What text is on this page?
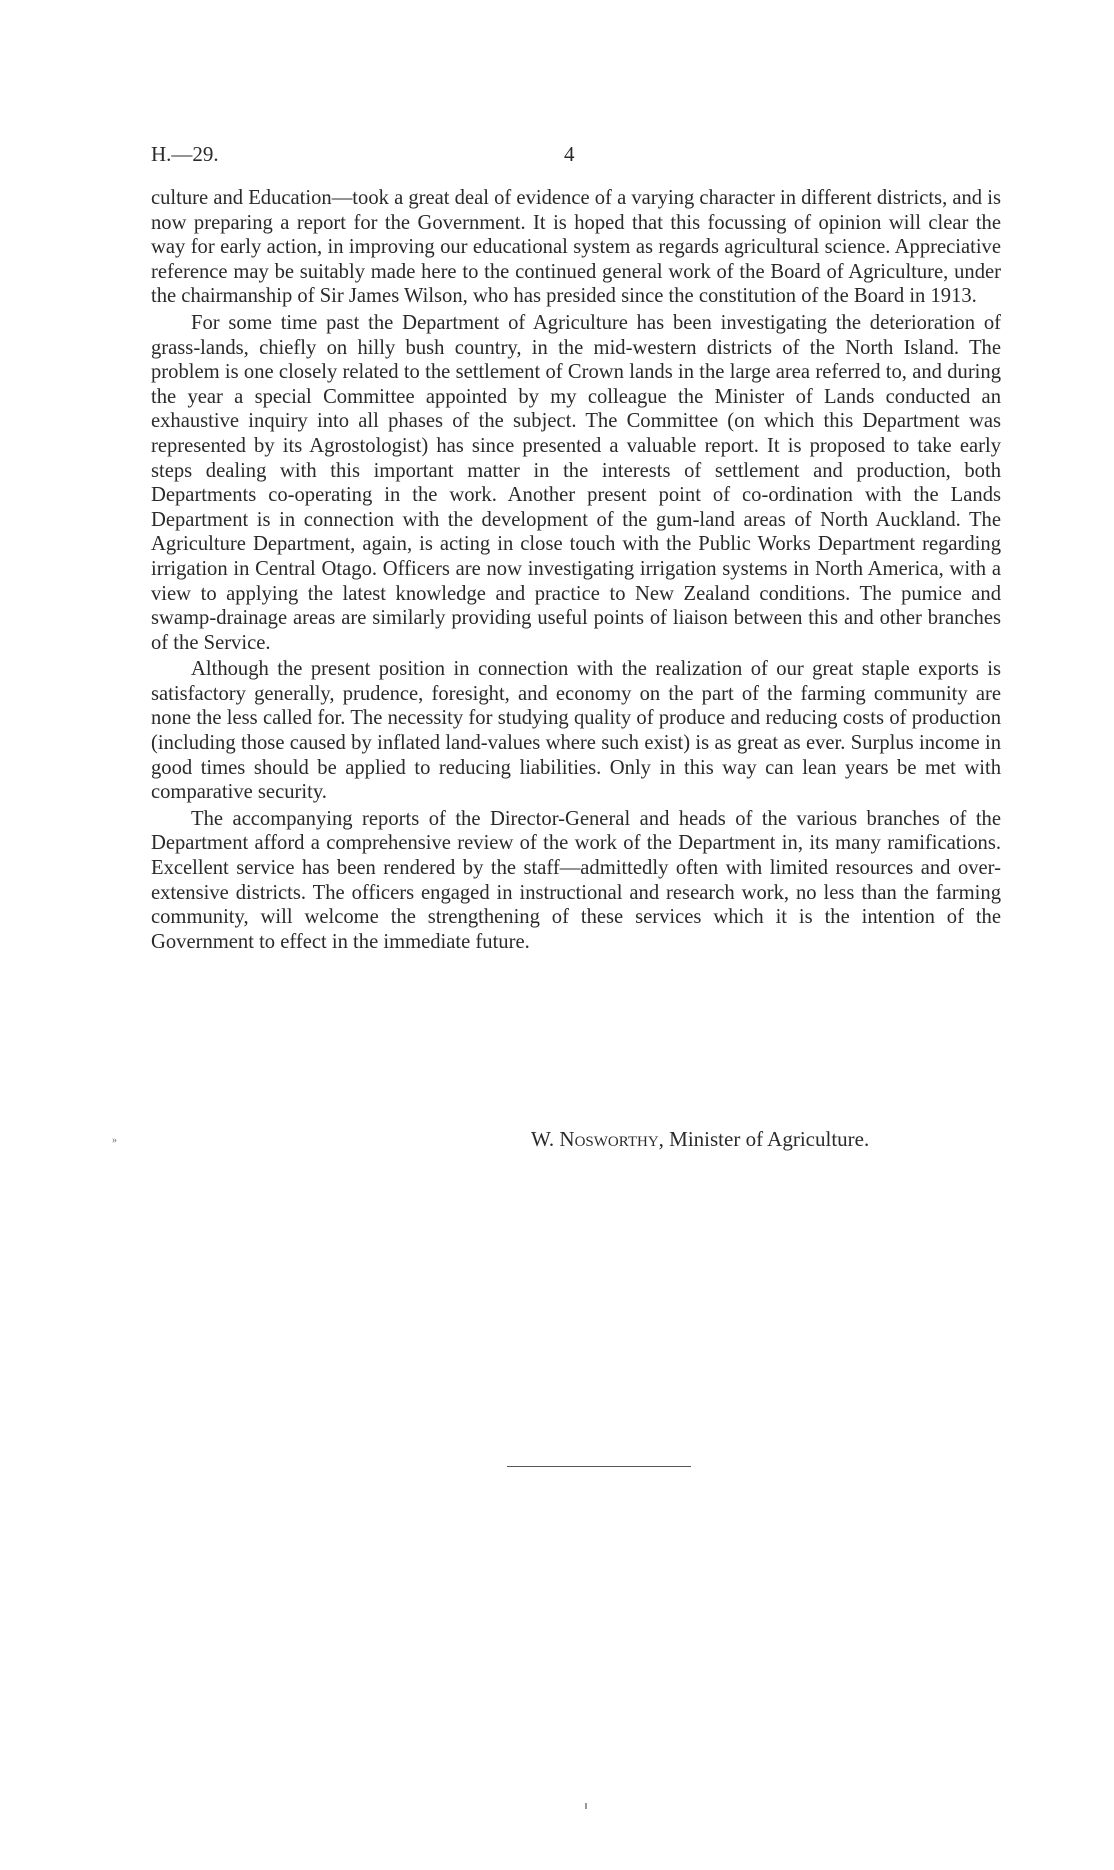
H.—29.	4

culture and Education—took a great deal of evidence of a varying character in different districts, and is now preparing a report for the Government. It is hoped that this focussing of opinion will clear the way for early action, in improving our educational system as regards agricultural science. Appreciative reference may be suitably made here to the continued general work of the Board of Agriculture, under the chairmanship of Sir James Wilson, who has presided since the constitution of the Board in 1913.

For some time past the Department of Agriculture has been investigating the deterioration of grass-lands, chiefly on hilly bush country, in the mid-western districts of the North Island. The problem is one closely related to the settlement of Crown lands in the large area referred to, and during the year a special Committee appointed by my colleague the Minister of Lands conducted an exhaustive inquiry into all phases of the subject. The Committee (on which this Department was represented by its Agrostologist) has since presented a valuable report. It is proposed to take early steps dealing with this important matter in the interests of settlement and production, both Departments co-operating in the work. Another present point of co-ordination with the Lands Department is in connection with the development of the gum-land areas of North Auckland. The Agriculture Department, again, is acting in close touch with the Public Works Department regarding irrigation in Central Otago. Officers are now investigating irrigation systems in North America, with a view to applying the latest knowledge and practice to New Zealand conditions. The pumice and swamp-drainage areas are similarly providing useful points of liaison between this and other branches of the Service.

Although the present position in connection with the realization of our great staple exports is satisfactory generally, prudence, foresight, and economy on the part of the farming community are none the less called for. The necessity for studying quality of produce and reducing costs of production (including those caused by inflated land-values where such exist) is as great as ever. Surplus income in good times should be applied to reducing liabilities. Only in this way can lean years be met with comparative security.

The accompanying reports of the Director-General and heads of the various branches of the Department afford a comprehensive review of the work of the Department in, its many ramifications. Excellent service has been rendered by the staff—admittedly often with limited resources and over-extensive districts. The officers engaged in instructional and research work, no less than the farming community, will welcome the strengthening of these services which it is the intention of the Government to effect in the immediate future.

»	W. Nosworthy, Minister of Agriculture.
